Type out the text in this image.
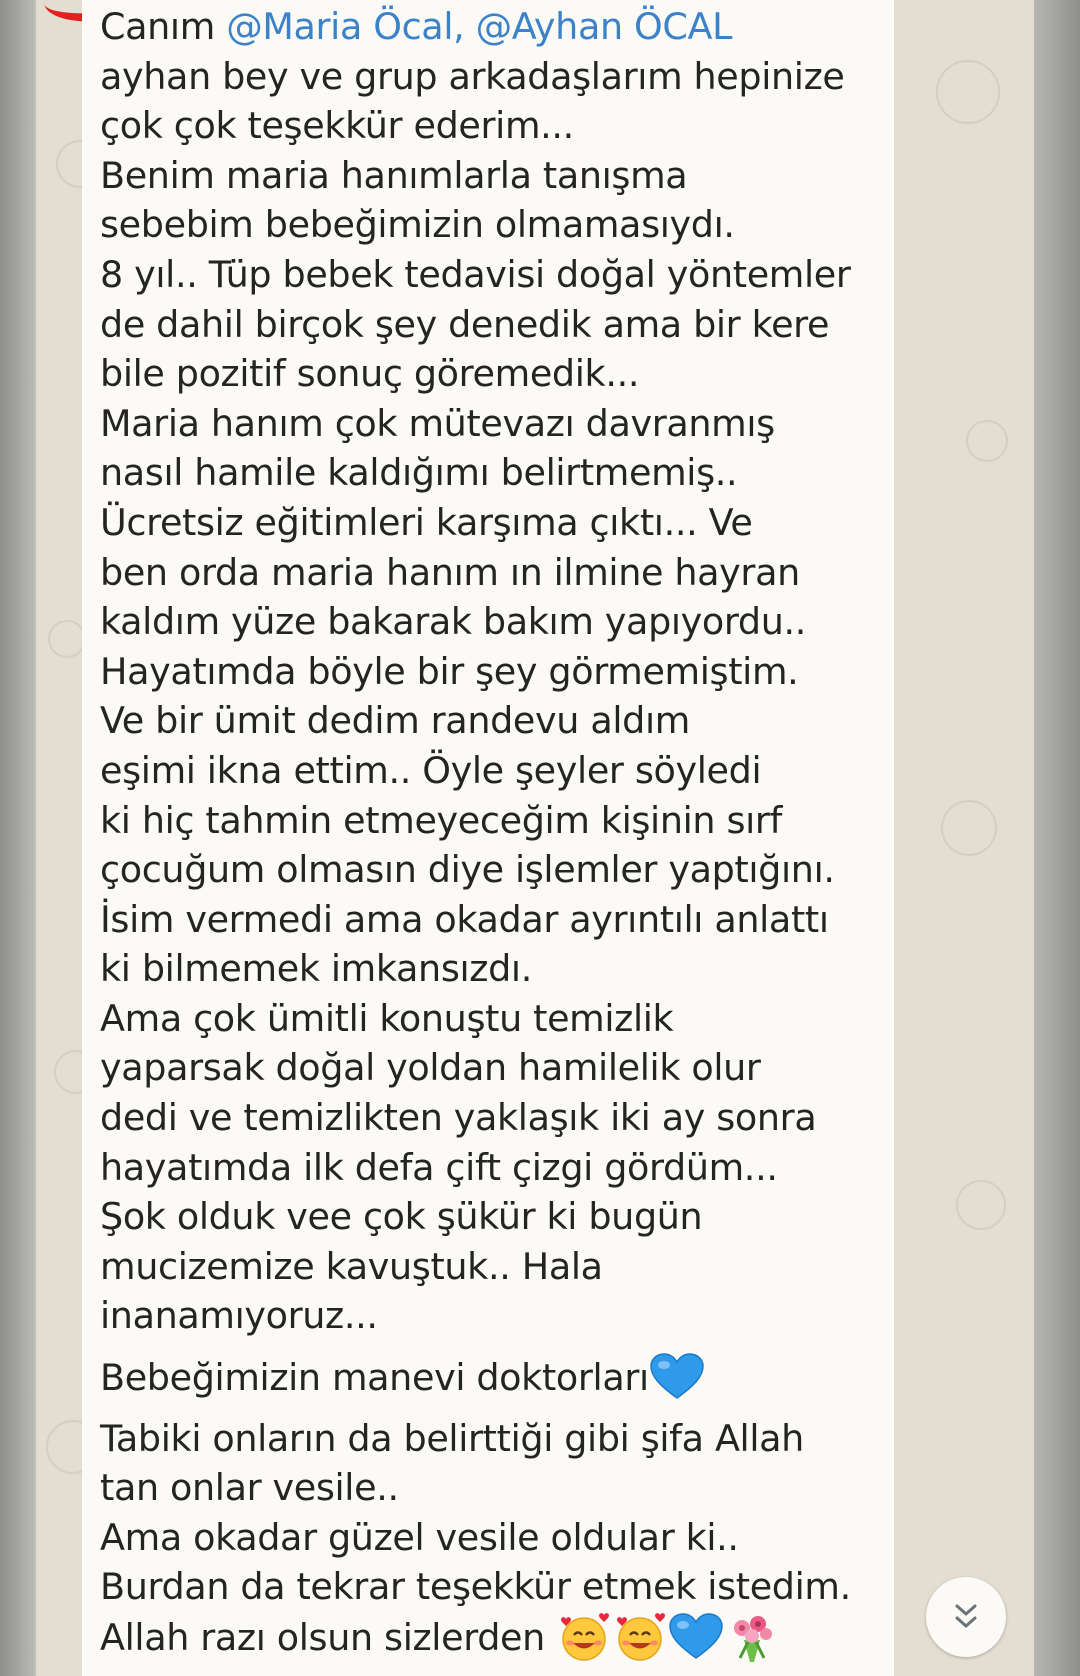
Canım @Maria Öcal, @Ayhan ÖCAL
ayhan bey ve grup arkadaşlarım hepinize
çok çok teşekkür ederim...
Benim maria hanımlarla tanışma
sebebim bebeğimizin olmamasıydı.
8 yıl.. Tüp bebek tedavisi doğal yöntemler
de dahil birçok şey denedik ama bir kere
bile pozitif sonuç göremedik...
Maria hanım çok mütevazı davranmış
nasıl hamile kaldığımı belirtmemiş..
Ücretsiz eğitimleri karşıma çıktı... Ve
ben orda maria hanım ın ilmine hayran
kaldım yüze bakarak bakım yapıyordu..
Hayatımda böyle bir şey görmemiştim.
Ve bir ümit dedim randevu aldım
eşimi ikna ettim.. Öyle şeyler söyledi
ki hiç tahmin etmeyeceğim kişinin sırf
çocuğum olmasın diye işlemler yaptığını.
İsim vermedi ama okadar ayrıntılı anlattı
ki bilmemek imkansızdı.
Ama çok ümitli konuştu temizlik
yaparsak doğal yoldan hamilelik olur
dedi ve temizlikten yaklaşık iki ay sonra
hayatımda ilk defa çift çizgi gördüm...
Şok olduk vee çok şükür ki bugün
mucizemize kavuştuk.. Hala
inanamıyoruz...
Bebeğimizin manevi doktorları
Tabiki onların da belirttiği gibi şifa Allah
tan onlar vesile..
Ama okadar güzel vesile oldular ki..
Burdan da tekrar teşekkür etmek istedim.
Allah razı olsun sizlerden
